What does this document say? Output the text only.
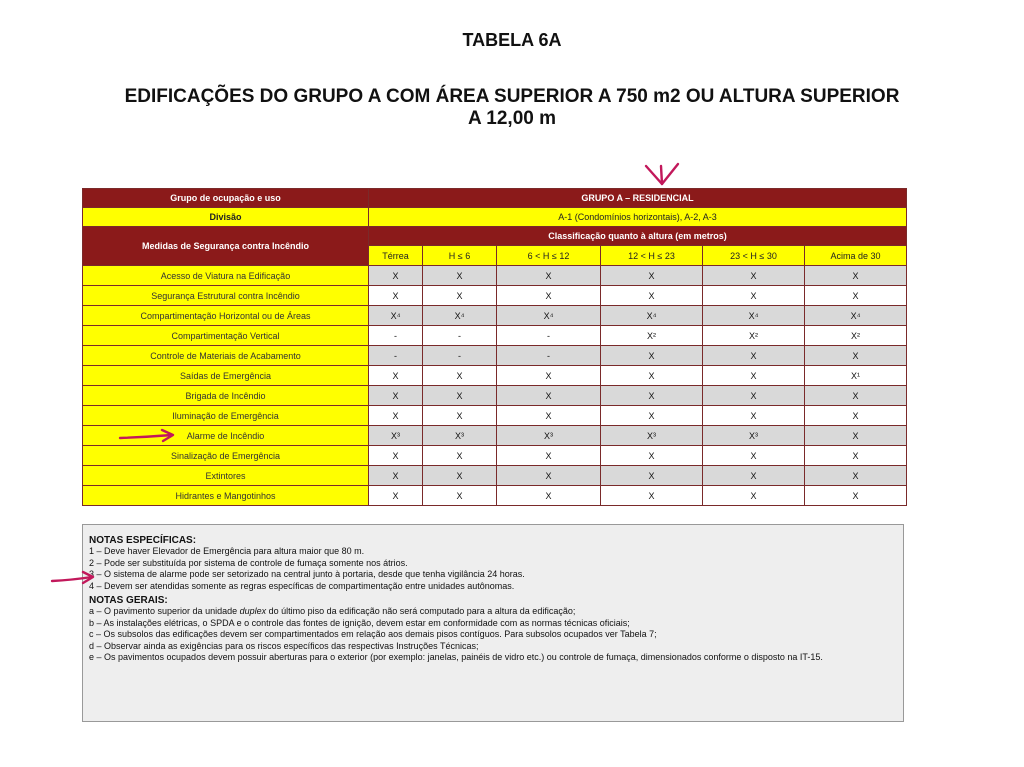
TABELA 6A
EDIFICAÇÕES DO GRUPO A COM ÁREA SUPERIOR A 750 m2 OU ALTURA SUPERIOR
A 12,00 m
Grupo de ocupação e uso	GRUPO A – RESIDENCIAL					
Divisão	A-1 (Condomínios horizontais), A-2, A-3					
Medidas de Segurança contra Incêndio	Classificação quanto à altura (em metros)					
	Térrea	H ≤ 6	6 < H ≤ 12	12 < H ≤ 23	23 < H ≤ 30	Acima de 30
Acesso de Viatura na Edificação	X	X	X	X	X	X
Segurança Estrutural contra Incêndio	X	X	X	X	X	X
Compartimentação Horizontal ou de Áreas	X⁴	X⁴	X⁴	X⁴	X⁴	X⁴
Compartimentação Vertical	-	-	-	X²	X²	X²
Controle de Materiais de Acabamento	-	-	-	X	X	X
Saídas de Emergência	X	X	X	X	X	X¹
Brigada de Incêndio	X	X	X	X	X	X
Iluminação de Emergência	X	X	X	X	X	X
Alarme de Incêndio	X³	X³	X³	X³	X³	X
Sinalização de Emergência	X	X	X	X	X	X
Extintores	X	X	X	X	X	X
Hidrantes e Mangotinhos	X	X	X	X	X	X
NOTAS ESPECÍFICAS:
1 – Deve haver Elevador de Emergência para altura maior que 80 m.
2 – Pode ser substituída por sistema de controle de fumaça somente nos átrios.
3 – O sistema de alarme pode ser setorizado na central junto à portaria, desde que tenha vigilância 24 horas.
4 – Devem ser atendidas somente as regras específicas de compartimentação entre unidades autônomas.
NOTAS GERAIS:
a – O pavimento superior da unidade duplex do último piso da edificação não será computado para a altura da edificação;
b – As instalações elétricas, o SPDA e o controle das fontes de ignição, devem estar em conformidade com as normas técnicas oficiais;
c – Os subsolos das edificações devem ser compartimentados em relação aos demais pisos contíguos. Para subsolos ocupados ver Tabela 7;
d – Observar ainda as exigências para os riscos específicos das respectivas Instruções Técnicas;
e – Os pavimentos ocupados devem possuir aberturas para o exterior (por exemplo: janelas, painéis de vidro etc.) ou controle de fumaça, dimensionados conforme o disposto na IT-15.
